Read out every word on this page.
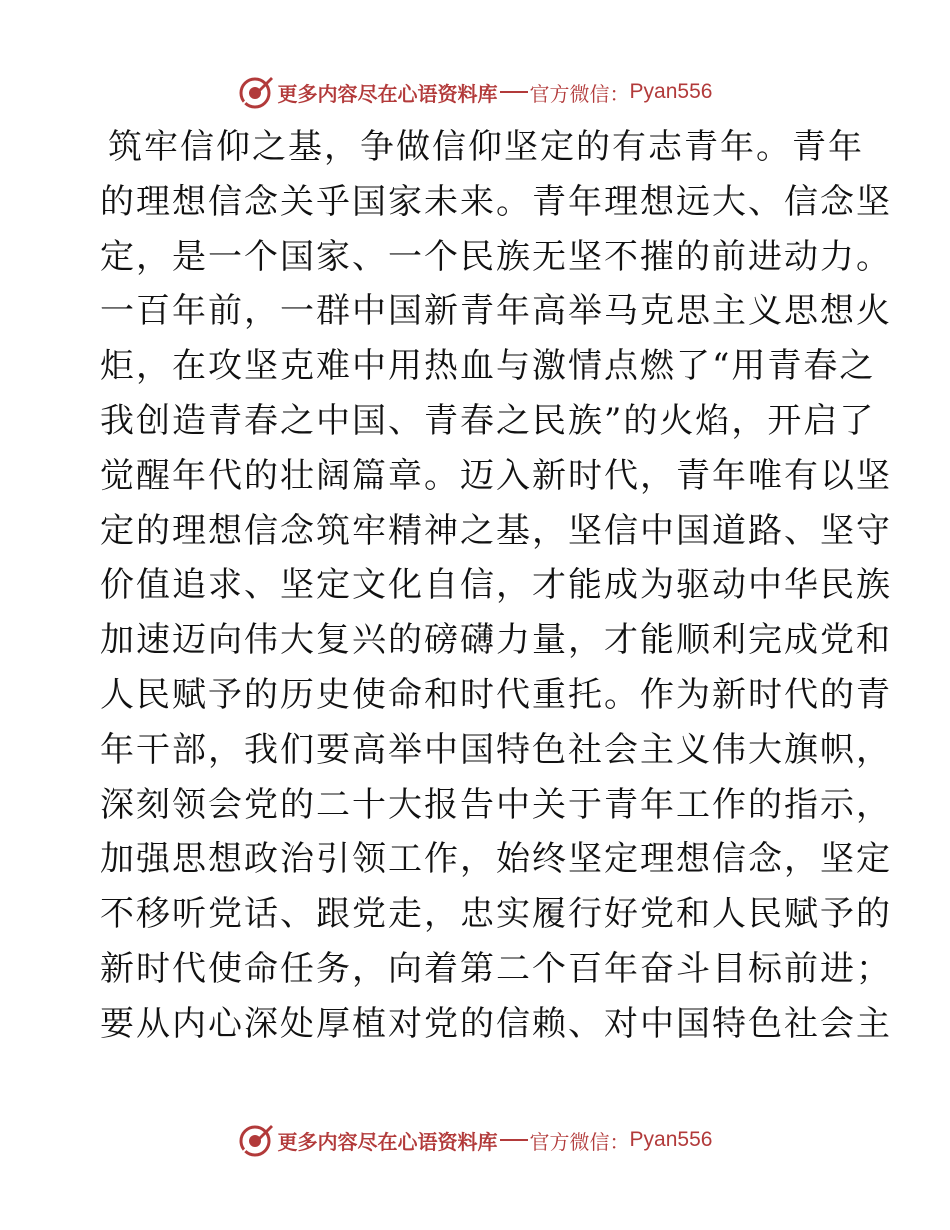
更多内容尽在心语资料库 官方微信： Pyan556
筑牢信仰之基，争做信仰坚定的有志青年。青年
的理想信念关乎国家未来。青年理想远大、信念坚
定，是一个国家、一个民族无坚不摧的前进动力。
一百年前，一群中国新青年高举马克思主义思想火
炬，在攻坚克难中用热血与激情点燃了“用青春之
我创造青春之中国、青春之民族”的火焰，开启了
觉醒年代的壮阔篇章。迈入新时代，青年唯有以坚
定的理想信念筑牢精神之基，坚信中国道路、坚守
价值追求、坚定文化自信，才能成为驱动中华民族
加速迈向伟大复兴的磅礴力量，才能顺利完成党和
人民赋予的历史使命和时代重托。作为新时代的青
年干部，我们要高举中国特色社会主义伟大旗帜，
深刻领会党的二十大报告中关于青年工作的指示，
加强思想政治引领工作，始终坚定理想信念，坚定
不移听党话、跟党走，忠实履行好党和人民赋予的
新时代使命任务，向着第二个百年奋斗目标前进；
要从内心深处厚植对党的信赖、对中国特色社会主
更多内容尽在心语资料库 官方微信： Pyan556
